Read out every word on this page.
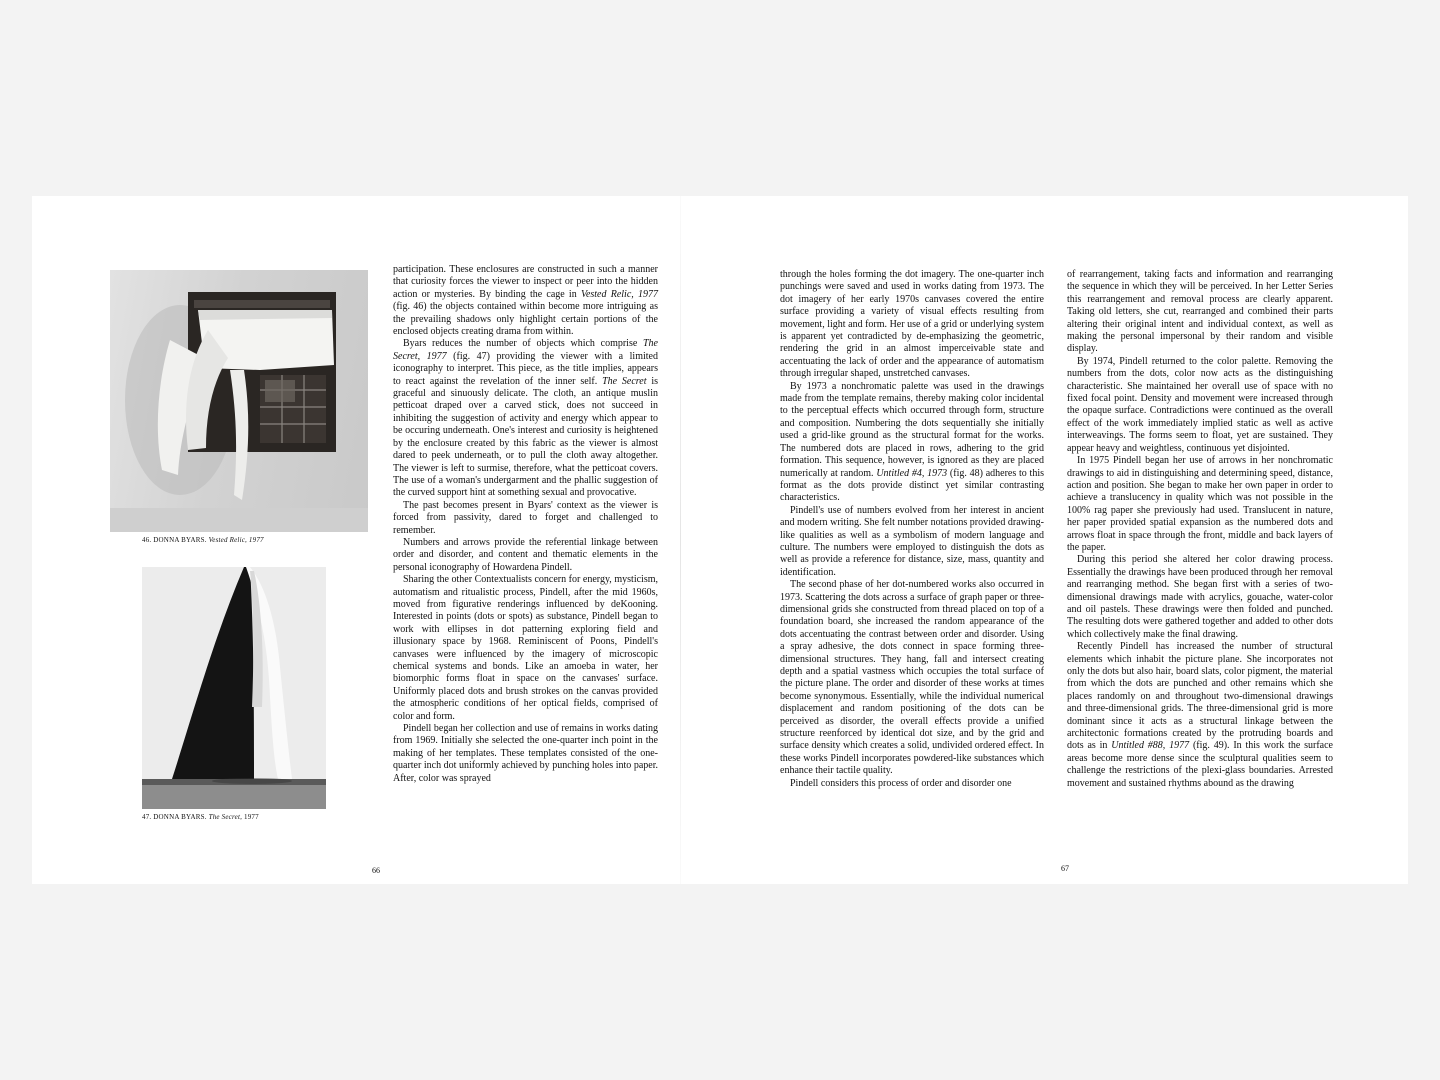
46. DONNA BYARS. Vested Relic, 1977
47. DONNA BYARS. The Secret, 1977

participation. These enclosures are constructed in such a manner that curiosity forces the viewer to inspect or peer into the hidden action or mysteries. By binding the cage in Vested Relic, 1977 (fig. 46) the objects contained within become more intriguing as the prevailing shadows only highlight certain portions of the enclosed objects creating drama from within.

Byars reduces the number of objects which comprise The Secret, 1977 (fig. 47) providing the viewer with a limited iconography to interpret. This piece, as the title implies, appears to react against the revelation of the inner self. The Secret is graceful and sinuously delicate. The cloth, an antique muslin petticoat draped over a carved stick, does not succeed in inhibiting the suggestion of activity and energy which appear to be occuring underneath. One's interest and curiosity is heightened by the enclosure created by this fabric as the viewer is almost dared to peek underneath, or to pull the cloth away altogether. The viewer is left to surmise, therefore, what the petticoat covers. The use of a woman's undergarment and the phallic suggestion of the curved support hint at something sexual and provocative.

The past becomes present in Byars' context as the viewer is forced from passivity, dared to forget and challenged to remember.

Numbers and arrows provide the referential linkage between order and disorder, and content and thematic elements in the personal iconography of Howardena Pindell.

Sharing the other Contextualists concern for energy, mysticism, automatism and ritualistic process, Pindell, after the mid 1960s, moved from figurative renderings influenced by deKooning. Interested in points (dots or spots) as substance, Pindell began to work with ellipses in dot patterning exploring field and illusionary space by 1968. Reminiscent of Poons, Pindell's canvases were influenced by the imagery of microscopic chemical systems and bonds. Like an amoeba in water, her biomorphic forms float in space on the canvases' surface. Uniformly placed dots and brush strokes on the canvas provided the atmospheric conditions of her optical fields, comprised of color and form.

Pindell began her collection and use of remains in works dating from 1969. Initially she selected the one-quarter inch point in the making of her templates. These templates consisted of the one-quarter inch dot uniformly achieved by punching holes into paper. After, color was sprayed

66

through the holes forming the dot imagery. The one-quarter inch punchings were saved and used in works dating from 1973. The dot imagery of her early 1970s canvases covered the entire surface providing a variety of visual effects resulting from movement, light and form. Her use of a grid or underlying system is apparent yet contradicted by de-emphasizing the geometric, rendering the grid in an almost imperceivable state and accentuating the lack of order and the appearance of automatism through irregular shaped, unstretched canvases.

By 1973 a nonchromatic palette was used in the drawings made from the template remains, thereby making color incidental to the perceptual effects which occurred through form, structure and composition. Numbering the dots sequentially she initially used a grid-like ground as the structural format for the works. The numbered dots are placed in rows, adhering to the grid formation. This sequence, however, is ignored as they are placed numerically at random. Untitled #4, 1973 (fig. 48) adheres to this format as the dots provide distinct yet similar contrasting characteristics.

Pindell's use of numbers evolved from her interest in ancient and modern writing. She felt number notations provided drawing-like qualities as well as a symbolism of modern language and culture. The numbers were employed to distinguish the dots as well as provide a reference for distance, size, mass, quantity and identification.

The second phase of her dot-numbered works also occurred in 1973. Scattering the dots across a surface of graph paper or three-dimensional grids she constructed from thread placed on top of a foundation board, she increased the random appearance of the dots accentuating the contrast between order and disorder. Using a spray adhesive, the dots connect in space forming three-dimensional structures. They hang, fall and intersect creating depth and a spatial vastness which occupies the total surface of the picture plane. The order and disorder of these works at times become synonymous. Essentially, while the individual numerical displacement and random positioning of the dots can be perceived as disorder, the overall effects provide a unified structure reenforced by identical dot size, and by the grid and surface density which creates a solid, undivided ordered effect. In these works Pindell incorporates powdered-like substances which enhance their tactile quality.

Pindell considers this process of order and disorder one

of rearrangement, taking facts and information and rearranging the sequence in which they will be perceived. In her Letter Series this rearrangement and removal process are clearly apparent. Taking old letters, she cut, rearranged and combined their parts altering their original intent and individual context, as well as making the personal impersonal by their random and visible display.

By 1974, Pindell returned to the color palette. Removing the numbers from the dots, color now acts as the distinguishing characteristic. She maintained her overall use of space with no fixed focal point. Density and movement were increased through the opaque surface. Contradictions were continued as the overall effect of the work immediately implied static as well as active interweavings. The forms seem to float, yet are sustained. They appear heavy and weightless, continuous yet disjointed.

In 1975 Pindell began her use of arrows in her nonchromatic drawings to aid in distinguishing and determining speed, distance, action and position. She began to make her own paper in order to achieve a translucency in quality which was not possible in the 100% rag paper she previously had used. Translucent in nature, her paper provided spatial expansion as the numbered dots and arrows float in space through the front, middle and back layers of the paper.

During this period she altered her color drawing process. Essentially the drawings have been produced through her removal and rearranging method. She began first with a series of two-dimensional drawings made with acrylics, gouache, water-color and oil pastels. These drawings were then folded and punched. The resulting dots were gathered together and added to other dots which collectively make the final drawing.

Recently Pindell has increased the number of structural elements which inhabit the picture plane. She incorporates not only the dots but also hair, board slats, color pigment, the material from which the dots are punched and other remains which she places randomly on and throughout two-dimensional drawings and three-dimensional grids. The three-dimensional grid is more dominant since it acts as a structural linkage between the architectonic formations created by the protruding boards and dots as in Untitled #88, 1977 (fig. 49). In this work the surface areas become more dense since the sculptural qualities seem to challenge the restrictions of the plexi-glass boundaries. Arrested movement and sustained rhythms abound as the drawing

67
